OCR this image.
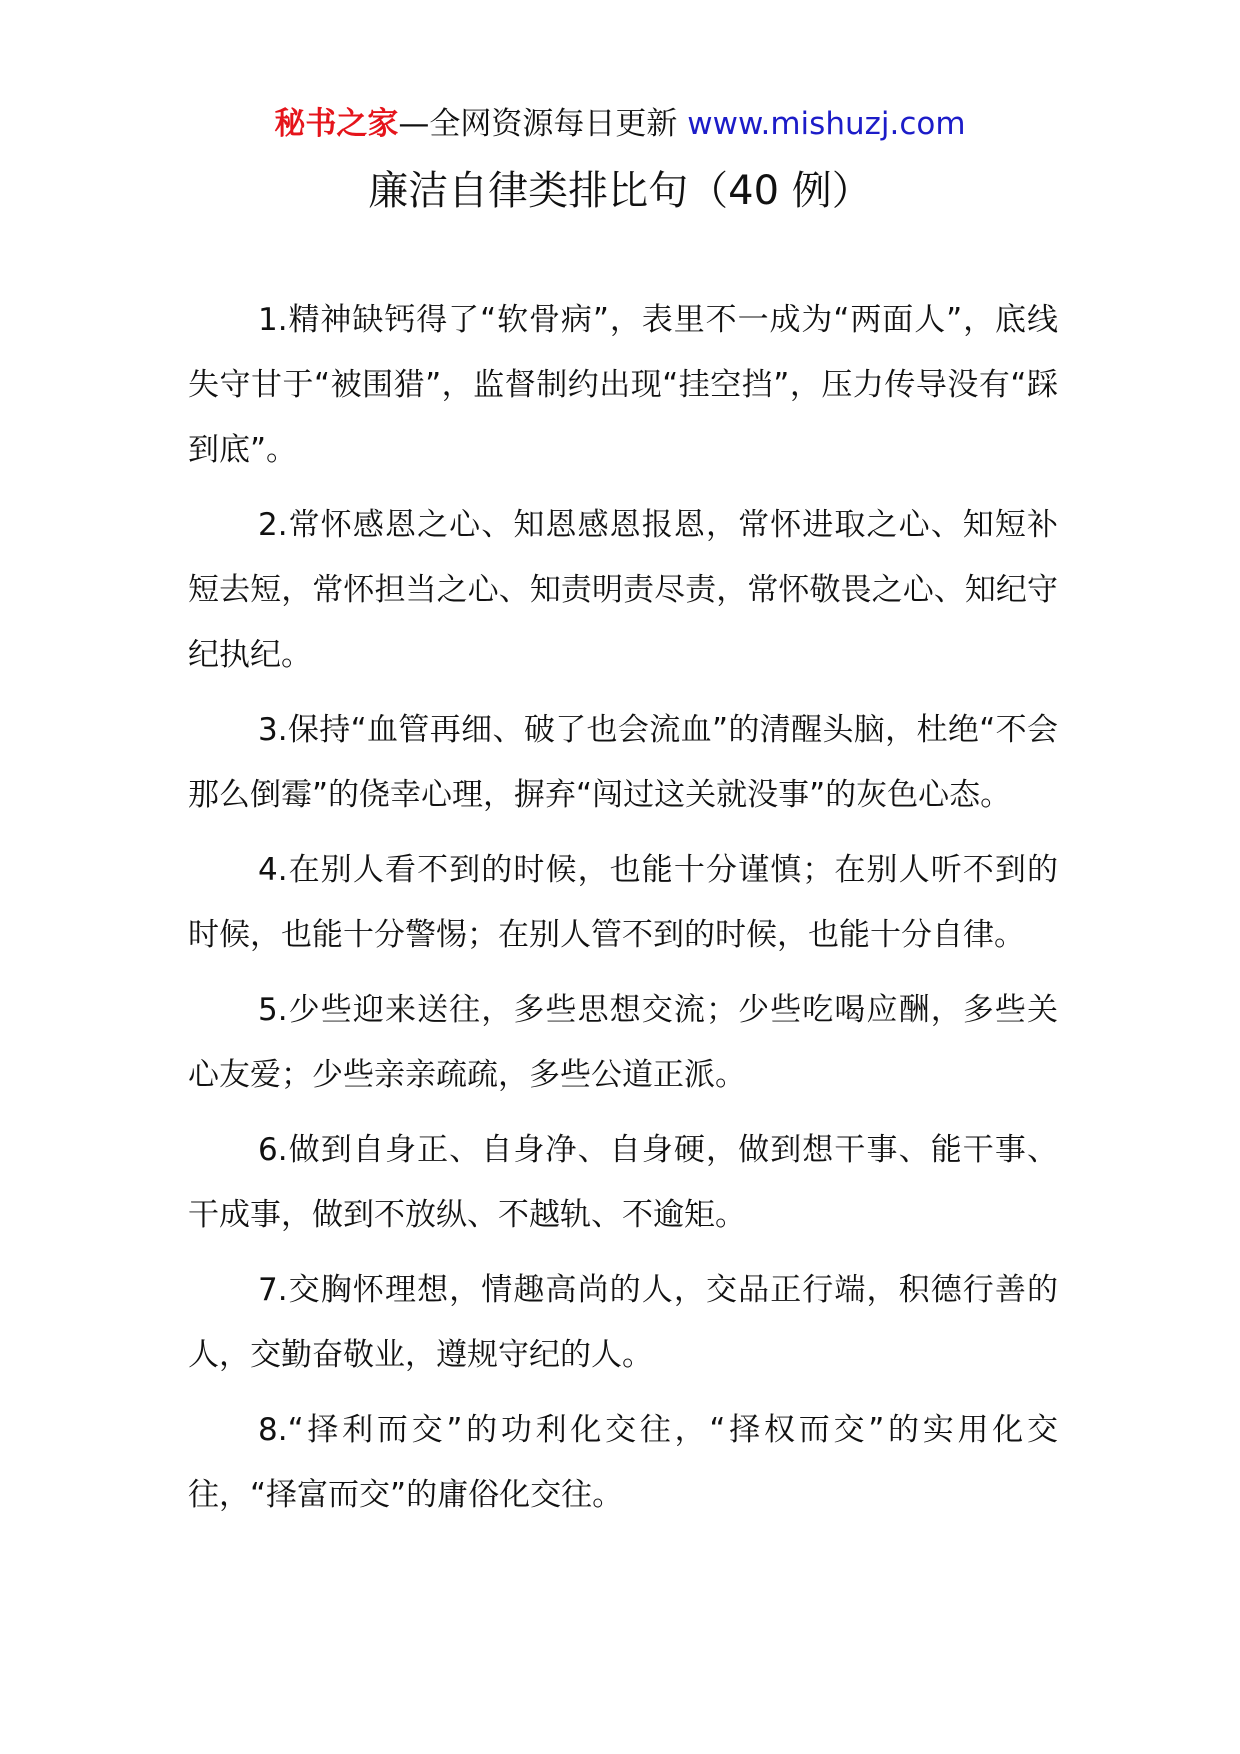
秘书之家—全网资源每日更新 www.mishuzj.com
廉洁自律类排比句（40 例）

1.精神缺钙得了“软骨病”，表里不一成为“两面人”，底线失守甘于“被围猎”，监督制约出现“挂空挡”，压力传导没有“踩到底”。

2.常怀感恩之心、知恩感恩报恩，常怀进取之心、知短补短去短，常怀担当之心、知责明责尽责，常怀敬畏之心、知纪守纪执纪。

3.保持“血管再细、破了也会流血”的清醒头脑，杜绝“不会那么倒霉”的侥幸心理，摒弃“闯过这关就没事”的灰色心态。

4.在别人看不到的时候，也能十分谨慎；在别人听不到的时候，也能十分警惕；在别人管不到的时候，也能十分自律。

5.少些迎来送往，多些思想交流；少些吃喝应酬，多些关心友爱；少些亲亲疏疏，多些公道正派。

6.做到自身正、自身净、自身硬，做到想干事、能干事、干成事，做到不放纵、不越轨、不逾矩。

7.交胸怀理想，情趣高尚的人，交品正行端，积德行善的人，交勤奋敬业，遵规守纪的人。

8.“择利而交”的功利化交往，“择权而交”的实用化交往，“择富而交”的庸俗化交往。
